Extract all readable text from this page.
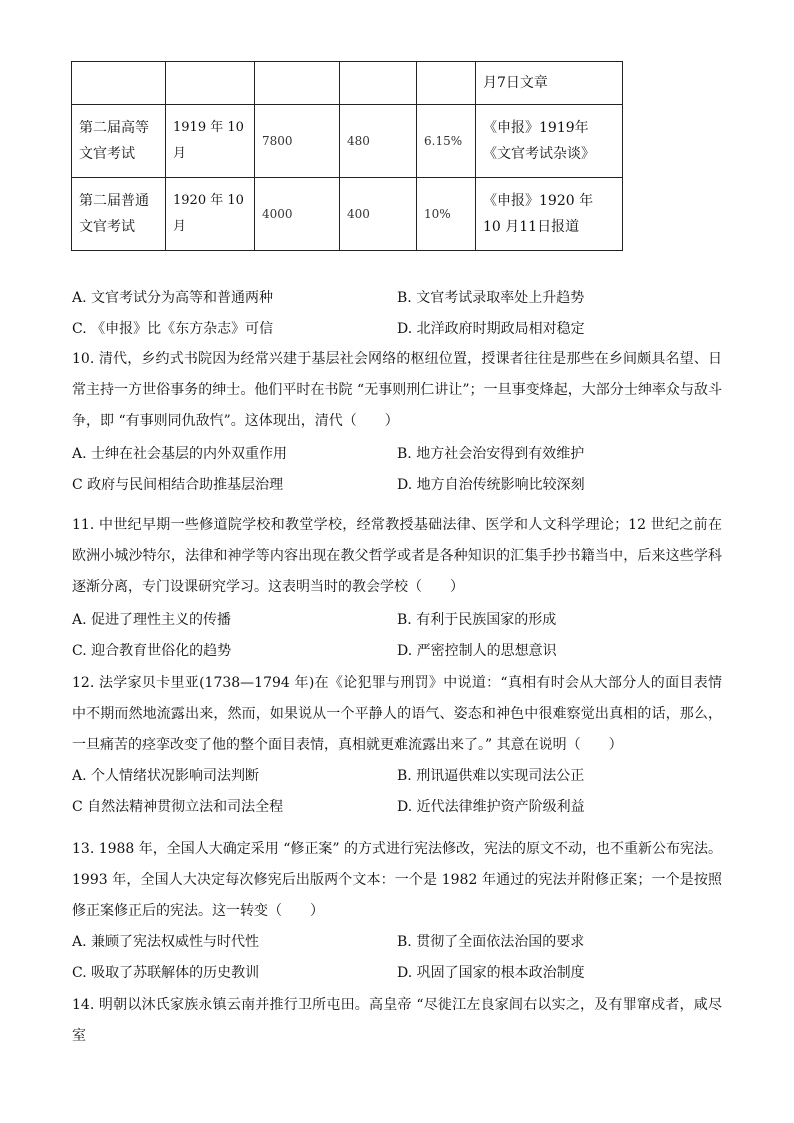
					月7日文章
第二届高等文官考试	1919 年 10 月	7800	480	6.15%	《申报》1919年《文官考试杂谈》
第二届普通文官考试	1920 年 10 月	4000	400	10%	《申报》1920 年 10 月11日报道
A. 文官考试分为高等和普通两种	B. 文官考试录取率处上升趋势
C. 《申报》比《东方杂志》可信	D. 北洋政府时期政局相对稳定
10. 清代，乡约式书院因为经常兴建于基层社会网络的枢纽位置，授课者往往是那些在乡间颇具名望、日常主持一方世俗事务的绅士。他们平时在书院 “无事则刑仁讲让”；一旦事变烽起，大部分士绅率众与敌斗争，即 “有事则同仇敌忾”。这体现出，清代（　　）
A. 士绅在社会基层的内外双重作用	B. 地方社会治安得到有效维护
C 政府与民间相结合助推基层治理	D. 地方自治传统影响比较深刻
11. 中世纪早期一些修道院学校和教堂学校，经常教授基础法律、医学和人文科学理论；12 世纪之前在欧洲小城沙特尔，法律和神学等内容出现在教父哲学或者是各种知识的汇集手抄书籍当中，后来这些学科逐渐分离，专门设课研究学习。这表明当时的教会学校（　　）
A. 促进了理性主义的传播	B. 有利于民族国家的形成
C. 迎合教育世俗化的趋势	D. 严密控制人的思想意识
12. 法学家贝卡里亚(1738—1794 年)在《论犯罪与刑罚》中说道：“真相有时会从大部分人的面目表情中不期而然地流露出来，然而，如果说从一个平静人的语气、姿态和神色中很难察觉出真相的话，那么，一旦痛苦的痉挛改变了他的整个面目表情，真相就更难流露出来了。” 其意在说明（　　）
A. 个人情绪状况影响司法判断	B. 刑讯逼供难以实现司法公正
C 自然法精神贯彻立法和司法全程	D. 近代法律维护资产阶级利益
13. 1988 年，全国人大确定采用 “修正案” 的方式进行宪法修改，宪法的原文不动，也不重新公布宪法。1993 年，全国人大决定每次修宪后出版两个文本：一个是 1982 年通过的宪法并附修正案；一个是按照修正案修正后的宪法。这一转变（　　）
A. 兼顾了宪法权威性与时代性	B. 贯彻了全面依法治国的要求
C. 吸取了苏联解体的历史教训	D. 巩固了国家的根本政治制度
14. 明朝以沐氏家族永镇云南并推行卫所屯田。高皇帝 “尽徙江左良家闾右以实之，及有罪窜戍者，咸尽室
